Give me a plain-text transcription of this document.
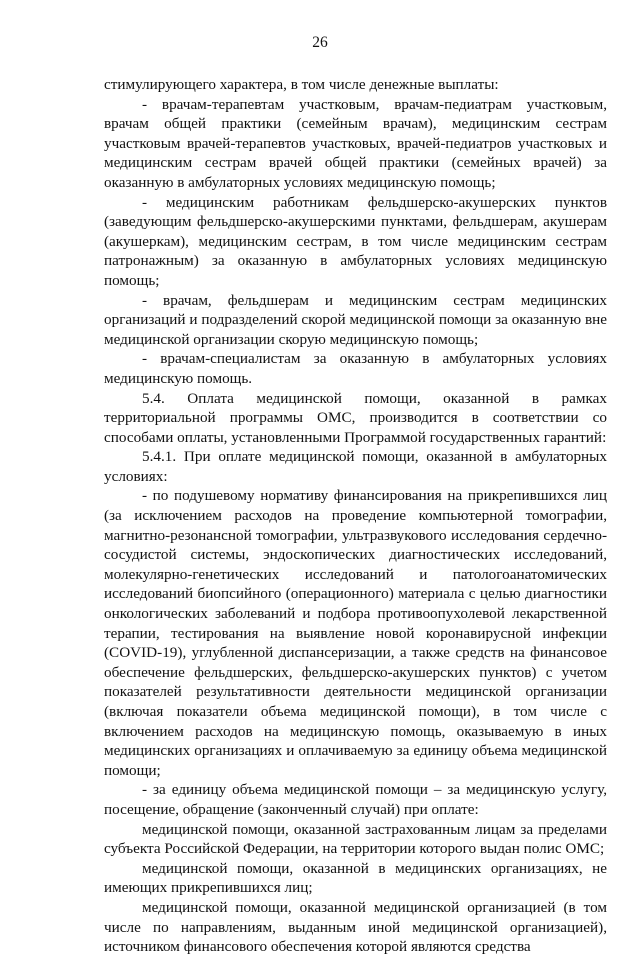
26

стимулирующего характера, в том числе денежные выплаты:

- врачам-терапевтам участковым, врачам-педиатрам участковым, врачам общей практики (семейным врачам), медицинским сестрам участковым врачей-терапевтов участковых, врачей-педиатров участковых и медицинским сестрам врачей общей практики (семейных врачей) за оказанную в амбулаторных условиях медицинскую помощь;

- медицинским работникам фельдшерско-акушерских пунктов (заведующим фельдшерско-акушерскими пунктами, фельдшерам, акушерам (акушеркам), медицинским сестрам, в том числе медицинским сестрам патронажным) за оказанную в амбулаторных условиях медицинскую помощь;

- врачам, фельдшерам и медицинским сестрам медицинских организаций и подразделений скорой медицинской помощи за оказанную вне медицинской организации скорую медицинскую помощь;

- врачам-специалистам за оказанную в амбулаторных условиях медицинскую помощь.

5.4. Оплата медицинской помощи, оказанной в рамках территориальной программы ОМС, производится в соответствии со способами оплаты, установленными Программой государственных гарантий:

5.4.1. При оплате медицинской помощи, оказанной в амбулаторных условиях:

- по подушевому нормативу финансирования на прикрепившихся лиц (за исключением расходов на проведение компьютерной томографии, магнитно-резонансной томографии, ультразвукового исследования сердечно-сосудистой системы, эндоскопических диагностических исследований, молекулярно-генетических исследований и патологоанатомических исследований биопсийного (операционного) материала с целью диагностики онкологических заболеваний и подбора противоопухолевой лекарственной терапии, тестирования на выявление новой коронавирусной инфекции (COVID-19), углубленной диспансеризации, а также средств на финансовое обеспечение фельдшерских, фельдшерско-акушерских пунктов) с учетом показателей результативности деятельности медицинской организации (включая показатели объема медицинской помощи), в том числе с включением расходов на медицинскую помощь, оказываемую в иных медицинских организациях и оплачиваемую за единицу объема медицинской помощи;

- за единицу объема медицинской помощи – за медицинскую услугу, посещение, обращение (законченный случай) при оплате:

медицинской помощи, оказанной застрахованным лицам за пределами субъекта Российской Федерации, на территории которого выдан полис ОМС;

медицинской помощи, оказанной в медицинских организациях, не имеющих прикрепившихся лиц;

медицинской помощи, оказанной медицинской организацией (в том числе по направлениям, выданным иной медицинской организацией), источником финансового обеспечения которой являются средства
